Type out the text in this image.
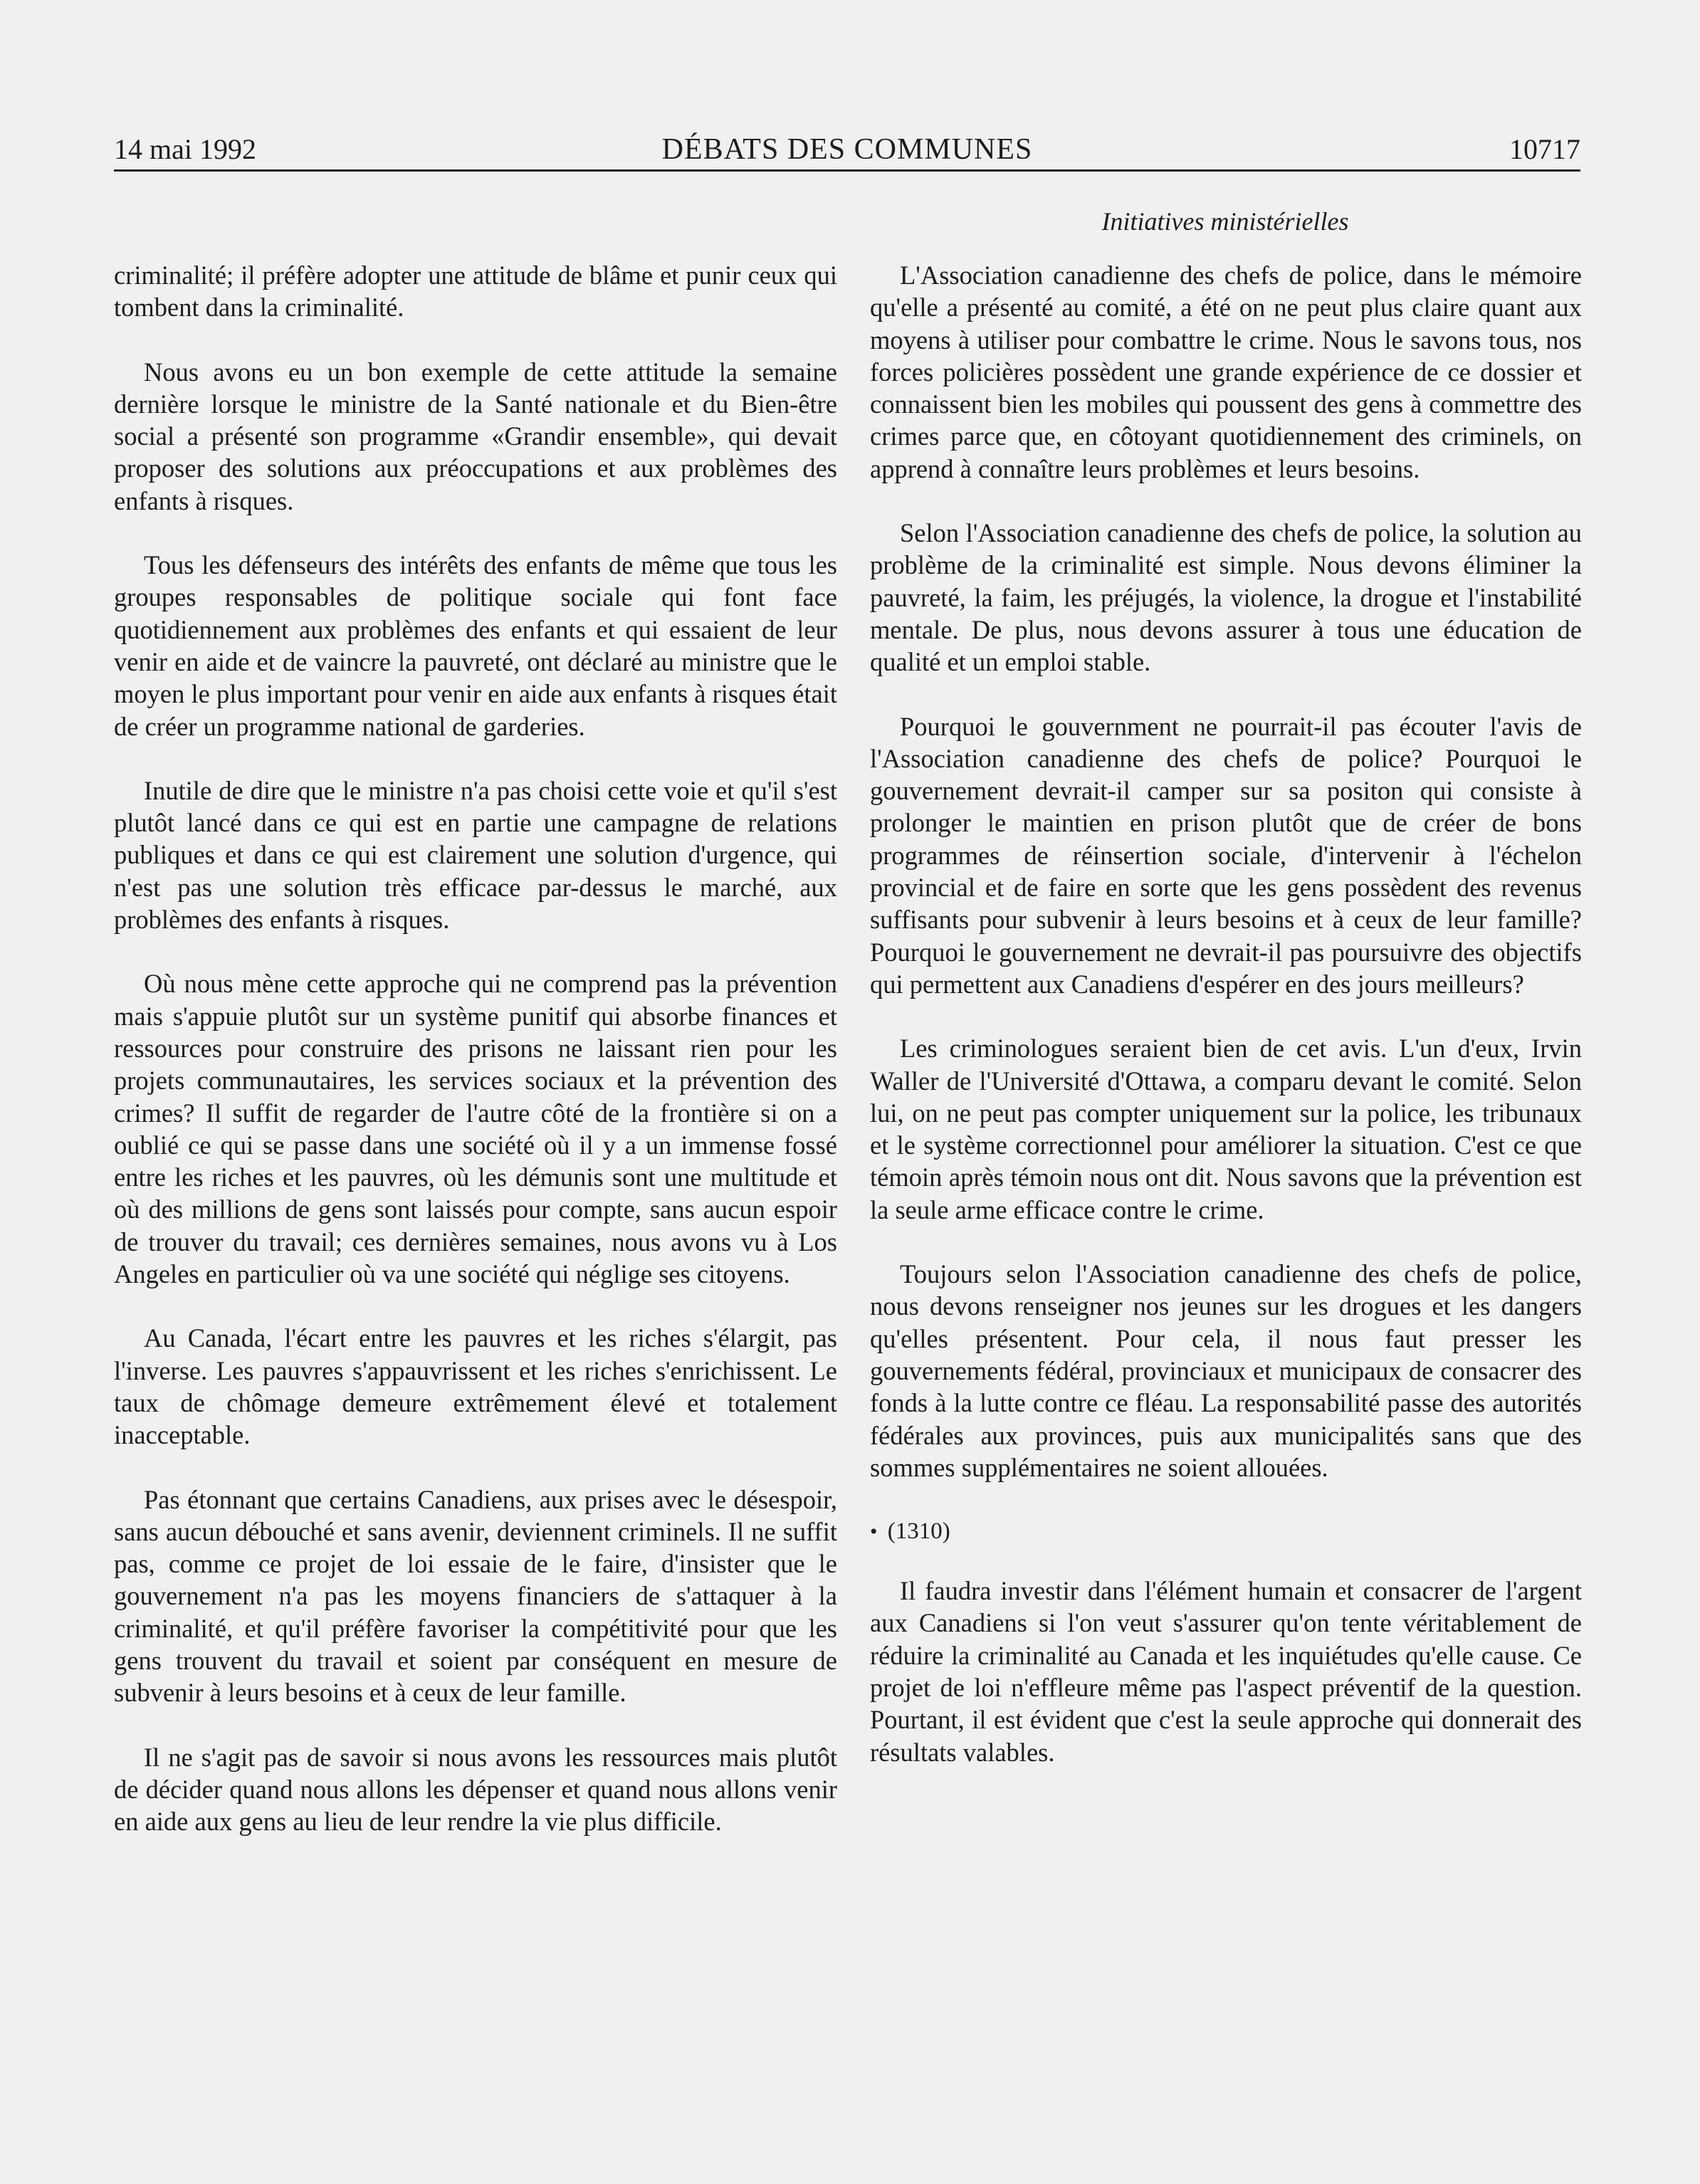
14 mai 1992	DÉBATS DES COMMUNES	10717
Initiatives ministérielles

criminalité; il préfère adopter une attitude de blâme et punir ceux qui tombent dans la criminalité.

Nous avons eu un bon exemple de cette attitude la semaine dernière lorsque le ministre de la Santé nationale et du Bien-être social a présenté son programme «Grandir ensemble», qui devait proposer des solutions aux préoccupations et aux problèmes des enfants à risques.

Tous les défenseurs des intérêts des enfants de même que tous les groupes responsables de politique sociale qui font face quotidiennement aux problèmes des enfants et qui essaient de leur venir en aide et de vaincre la pauvreté, ont déclaré au ministre que le moyen le plus important pour venir en aide aux enfants à risques était de créer un programme national de garderies.

Inutile de dire que le ministre n'a pas choisi cette voie et qu'il s'est plutôt lancé dans ce qui est en partie une campagne de relations publiques et dans ce qui est clairement une solution d'urgence, qui n'est pas une solution très efficace par-dessus le marché, aux problèmes des enfants à risques.

Où nous mène cette approche qui ne comprend pas la prévention mais s'appuie plutôt sur un système punitif qui absorbe finances et ressources pour construire des prisons ne laissant rien pour les projets communautaires, les services sociaux et la prévention des crimes? Il suffit de regarder de l'autre côté de la frontière si on a oublié ce qui se passe dans une société où il y a un immense fossé entre les riches et les pauvres, où les démunis sont une multitude et où des millions de gens sont laissés pour compte, sans aucun espoir de trouver du travail; ces dernières semaines, nous avons vu à Los Angeles en particulier où va une société qui néglige ses citoyens.

Au Canada, l'écart entre les pauvres et les riches s'élargit, pas l'inverse. Les pauvres s'appauvrissent et les riches s'enrichissent. Le taux de chômage demeure extrêmement élevé et totalement inacceptable.

Pas étonnant que certains Canadiens, aux prises avec le désespoir, sans aucun débouché et sans avenir, deviennent criminels. Il ne suffit pas, comme ce projet de loi essaie de le faire, d'insister que le gouvernement n'a pas les moyens financiers de s'attaquer à la criminalité, et qu'il préfère favoriser la compétitivité pour que les gens trouvent du travail et soient par conséquent en mesure de subvenir à leurs besoins et à ceux de leur famille.

Il ne s'agit pas de savoir si nous avons les ressources mais plutôt de décider quand nous allons les dépenser et quand nous allons venir en aide aux gens au lieu de leur rendre la vie plus difficile.

L'Association canadienne des chefs de police, dans le mémoire qu'elle a présenté au comité, a été on ne peut plus claire quant aux moyens à utiliser pour combattre le crime. Nous le savons tous, nos forces policières possèdent une grande expérience de ce dossier et connaissent bien les mobiles qui poussent des gens à commettre des crimes parce que, en côtoyant quotidiennement des criminels, on apprend à connaître leurs problèmes et leurs besoins.

Selon l'Association canadienne des chefs de police, la solution au problème de la criminalité est simple. Nous devons éliminer la pauvreté, la faim, les préjugés, la violence, la drogue et l'instabilité mentale. De plus, nous devons assurer à tous une éducation de qualité et un emploi stable.

Pourquoi le gouvernment ne pourrait-il pas écouter l'avis de l'Association canadienne des chefs de police? Pourquoi le gouvernement devrait-il camper sur sa positon qui consiste à prolonger le maintien en prison plutôt que de créer de bons programmes de réinsertion sociale, d'intervenir à l'échelon provincial et de faire en sorte que les gens possèdent des revenus suffisants pour subvenir à leurs besoins et à ceux de leur famille? Pourquoi le gouvernement ne devrait-il pas poursuivre des objectifs qui permettent aux Canadiens d'espérer en des jours meilleurs?

Les criminologues seraient bien de cet avis. L'un d'eux, Irvin Waller de l'Université d'Ottawa, a comparu devant le comité. Selon lui, on ne peut pas compter uniquement sur la police, les tribunaux et le système correctionnel pour améliorer la situation. C'est ce que témoin après témoin nous ont dit. Nous savons que la prévention est la seule arme efficace contre le crime.

Toujours selon l'Association canadienne des chefs de police, nous devons renseigner nos jeunes sur les drogues et les dangers qu'elles présentent. Pour cela, il nous faut presser les gouvernements fédéral, provinciaux et municipaux de consacrer des fonds à la lutte contre ce fléau. La responsabilité passe des autorités fédérales aux provinces, puis aux municipalités sans que des sommes supplémentaires ne soient allouées.

• (1310)

Il faudra investir dans l'élément humain et consacrer de l'argent aux Canadiens si l'on veut s'assurer qu'on tente véritablement de réduire la criminalité au Canada et les inquiétudes qu'elle cause. Ce projet de loi n'effleure même pas l'aspect préventif de la question. Pourtant, il est évident que c'est la seule approche qui donnerait des résultats valables.
